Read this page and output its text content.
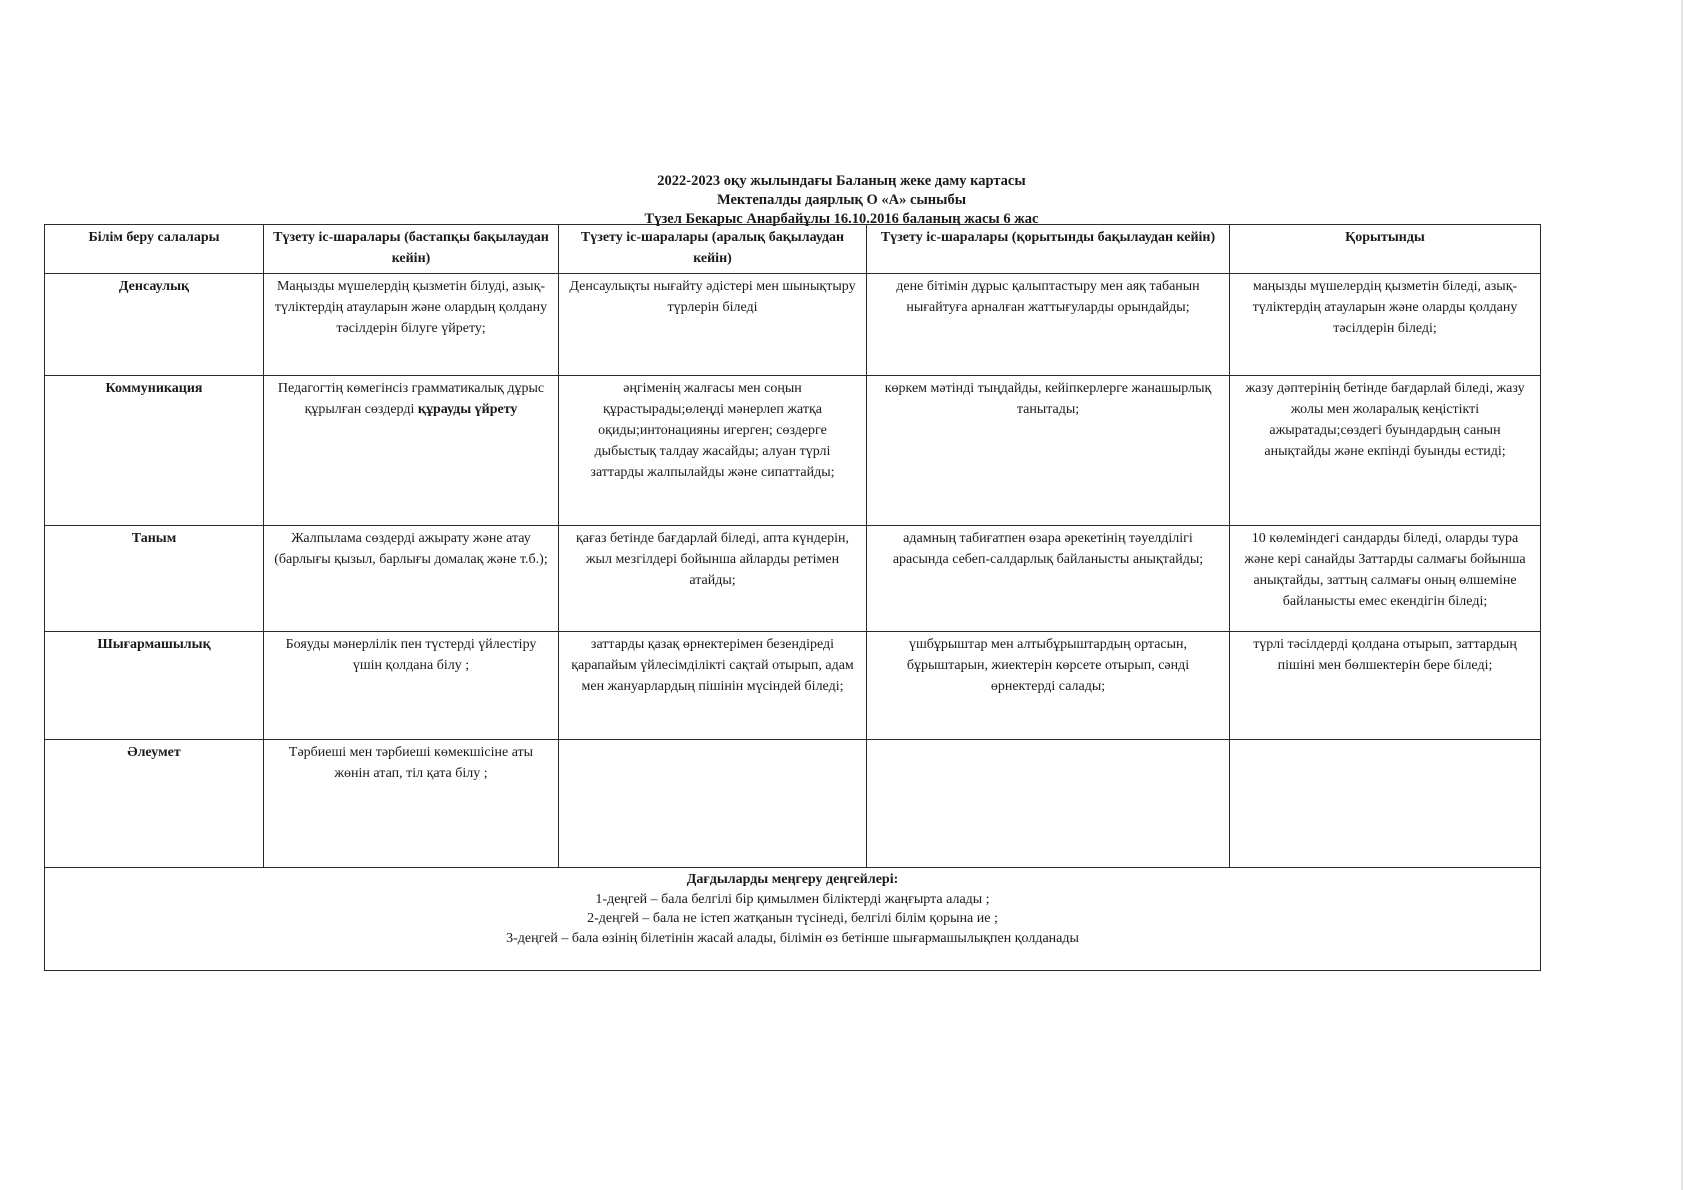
2022-2023 оқу жылындағы Баланың жеке даму картасы
Мектепалды даярлық О «А» сыныбы
Түзел Бекарыс Анарбайұлы 16.10.2016 баланың жасы 6 жас
Білім беру салалары	Түзету іс-шаралары (бастапқы бақылаудан кейін)	Түзету іс-шаралары (аралық бақылаудан кейін)	Түзету іс-шаралары (қорытынды бақылаудан кейін)	Қорытынды
Денсаулық	Маңызды мүшелердің қызметін білуді, азық-түліктердің атауларын және олардың қолдану тәсілдерін білуге үйрету;	Денсаулықты нығайту әдістері мен шынықтыру түрлерін біледі	дене бітімін дұрыс қалыптастыру мен аяқ табанын нығайтуға арналған жаттығуларды орындайды;	маңызды мүшелердің қызметін біледі, азық-түліктердің атауларын және оларды қолдану тәсілдерін біледі;
Коммуникация	Педагогтің көмегінсіз грамматикалық дұрыс құрылған сөздерді құрауды үйрету	әңгіменің жалғасы мен соңын құрастырады;өлеңді мәнерлеп жатқа оқиды;интонацияны игерген; сөздерге дыбыстық талдау жасайды; алуан түрлі заттарды жалпылайды және сипаттайды;	көркем мәтінді тыңдайды, кейіпкерлерге жанашырлық танытады;	жазу дәптерінің бетінде бағдарлай біледі, жазу жолы мен жоларалық кеңістікті ажыратады;сөздегі буындардың санын анықтайды және екпінді буынды естиді;
Таным	Жалпылама сөздерді ажырату және атау (барлығы қызыл, барлығы домалақ және т.б.);	қағаз бетінде бағдарлай біледі, апта күндерін, жыл мезгілдері бойынша айларды ретімен атайды;	адамның табиғатпен өзара әрекетінің тәуелділігі арасында себеп-салдарлық байланысты анықтайды;	10 көлеміндегі сандарды біледі, оларды тура және кері санайды Заттарды салмағы бойынша анықтайды, заттың салмағы оның өлшеміне байланысты емес екендігін біледі;
Шығармашылық	Бояуды мәнерлілік пен түстерді үйлестіру үшін қолдана білу ;	заттарды қазақ өрнектерімен безендіреді қарапайым үйлесімділікті сақтай отырып, адам мен жануарлардың пішінін мүсіндей біледі;	үшбұрыштар мен алтыбұрыштардың ортасын, бұрыштарын, жиектерін көрсете отырып, сәнді өрнектерді салады;	түрлі тәсілдерді қолдана отырып, заттардың пішіні мен бөлшектерін бере біледі;
Әлеумет	Тәрбиеші мен тәрбиеші көмекшісіне аты жөнін атап, тіл қата білу ;			

Дағдыларды меңгеру деңгейлері:
1-деңгей – бала белгілі бір қимылмен біліктерді жаңғырта алады ;
2-деңгей – бала не істеп жатқанын түсінеді, белгілі білім қорына ие ;
3-деңгей – бала өзінің білетінін жасай алады, білімін өз бетінше шығармашылықпен қолданады				
